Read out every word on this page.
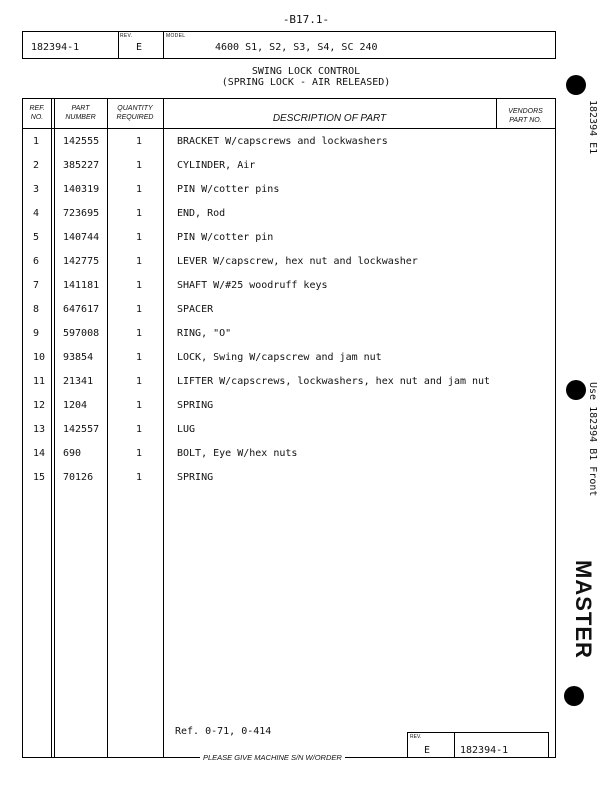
-B17.1-
182394-1
REV.
E
MODEL
4600 S1, S2, S3, S4, SC 240
SWING LOCK CONTROL
(SPRING LOCK - AIR RELEASED)
REF.
NO.
PART
NUMBER
QUANTITY
REQUIRED	DESCRIPTION OF PART
VENDORS
PART NO.
1 142555	1	BRACKET W/capscrews and lockwashers
2 385227	1	CYLINDER, Air
3 140319	1	PIN W/cotter pins
4 723695	1	END, Rod
5 140744	1	PIN W/cotter pin
6 142775	1	LEVER W/capscrew, hex nut and lockwasher
7 141181	1	SHAFT W/#25 woodruff keys
8 647617	1	SPACER
9 597008	1	RING, "O"
10 93854	1	LOCK, Swing W/capscrew and jam nut
11 21341	1	LIFTER W/capscrews, lockwashers, hex nut and jam nut
12 1204	1	SPRING
13 142557	1	LUG
14 690	1	BOLT, Eye W/hex nuts
15 70126	1	SPRING
Ref. 0-71, 0-414	REV.
E	182394-1
PLEASE GIVE MACHINE S/N W/ORDER
182394 E1
Use 182394 B1 Front
MASTER
